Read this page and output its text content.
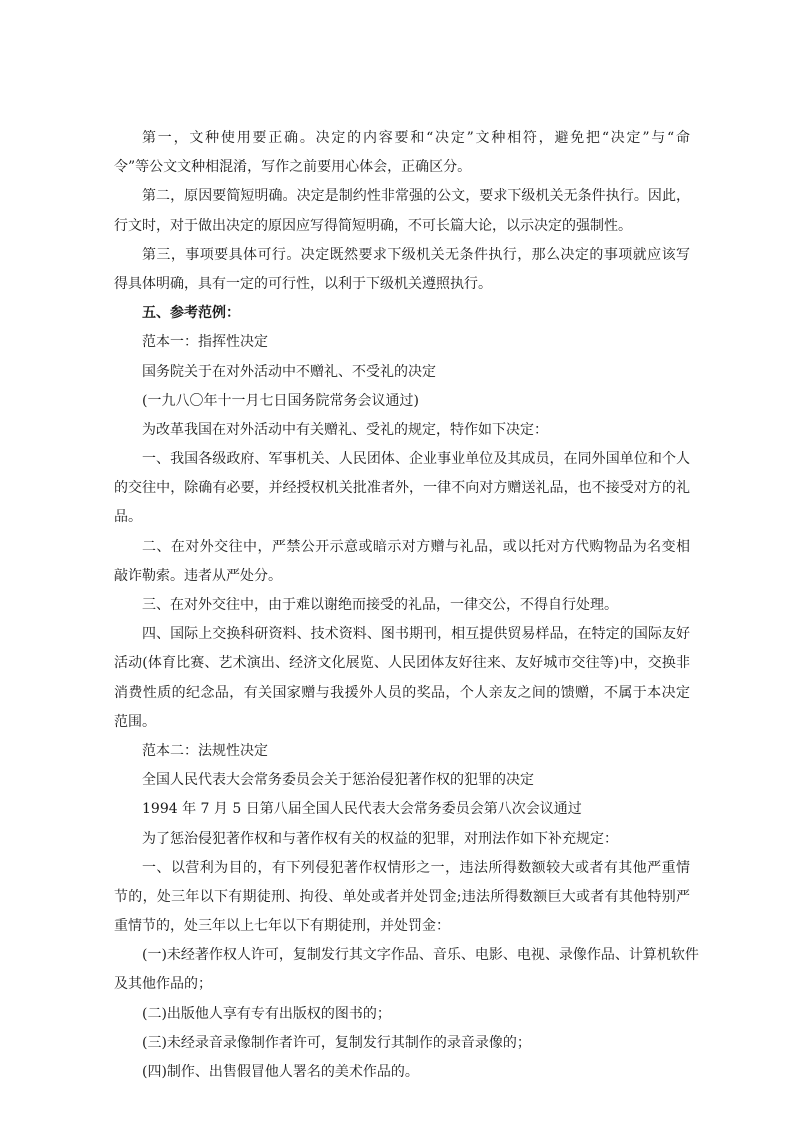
第一，文种使用要正确。决定的内容要和“决定”文种相符，避免把“决定”与“命
令”等公文文种相混淆，写作之前要用心体会，正确区分。
第二，原因要简短明确。决定是制约性非常强的公文，要求下级机关无条件执行。因此，
行文时，对于做出决定的原因应写得简短明确，不可长篇大论，以示决定的强制性。
第三，事项要具体可行。决定既然要求下级机关无条件执行，那么决定的事项就应该写
得具体明确，具有一定的可行性，以利于下级机关遵照执行。
五、参考范例：
范本一：指挥性决定
国务院关于在对外活动中不赠礼、不受礼的决定
(一九八〇年十一月七日国务院常务会议通过)
为改革我国在对外活动中有关赠礼、受礼的规定，特作如下决定：
一、我国各级政府、军事机关、人民团体、企业事业单位及其成员，在同外国单位和个人
的交往中，除确有必要，并经授权机关批准者外，一律不向对方赠送礼品，也不接受对方的礼
品。
二、在对外交往中，严禁公开示意或暗示对方赠与礼品，或以托对方代购物品为名变相
敲诈勒索。违者从严处分。
三、在对外交往中，由于难以谢绝而接受的礼品，一律交公，不得自行处理。
四、国际上交换科研资料、技术资料、图书期刊，相互提供贸易样品，在特定的国际友好
活动(体育比赛、艺术演出、经济文化展览、人民团体友好往来、友好城市交往等)中，交换非
消费性质的纪念品，有关国家赠与我援外人员的奖品，个人亲友之间的馈赠，不属于本决定
范围。
范本二：法规性决定
全国人民代表大会常务委员会关于惩治侵犯著作权的犯罪的决定
1994 年 7 月 5 日第八届全国人民代表大会常务委员会第八次会议通过
为了惩治侵犯著作权和与著作权有关的权益的犯罪，对刑法作如下补充规定：
一、以营利为目的，有下列侵犯著作权情形之一，违法所得数额较大或者有其他严重情
节的，处三年以下有期徒刑、拘役、单处或者并处罚金;违法所得数额巨大或者有其他特别严
重情节的，处三年以上七年以下有期徒刑，并处罚金：
(一)未经著作权人许可，复制发行其文字作品、音乐、电影、电视、录像作品、计算机软件
及其他作品的；
(二)出版他人享有专有出版权的图书的；
(三)未经录音录像制作者许可，复制发行其制作的录音录像的；
(四)制作、出售假冒他人署名的美术作品的。
